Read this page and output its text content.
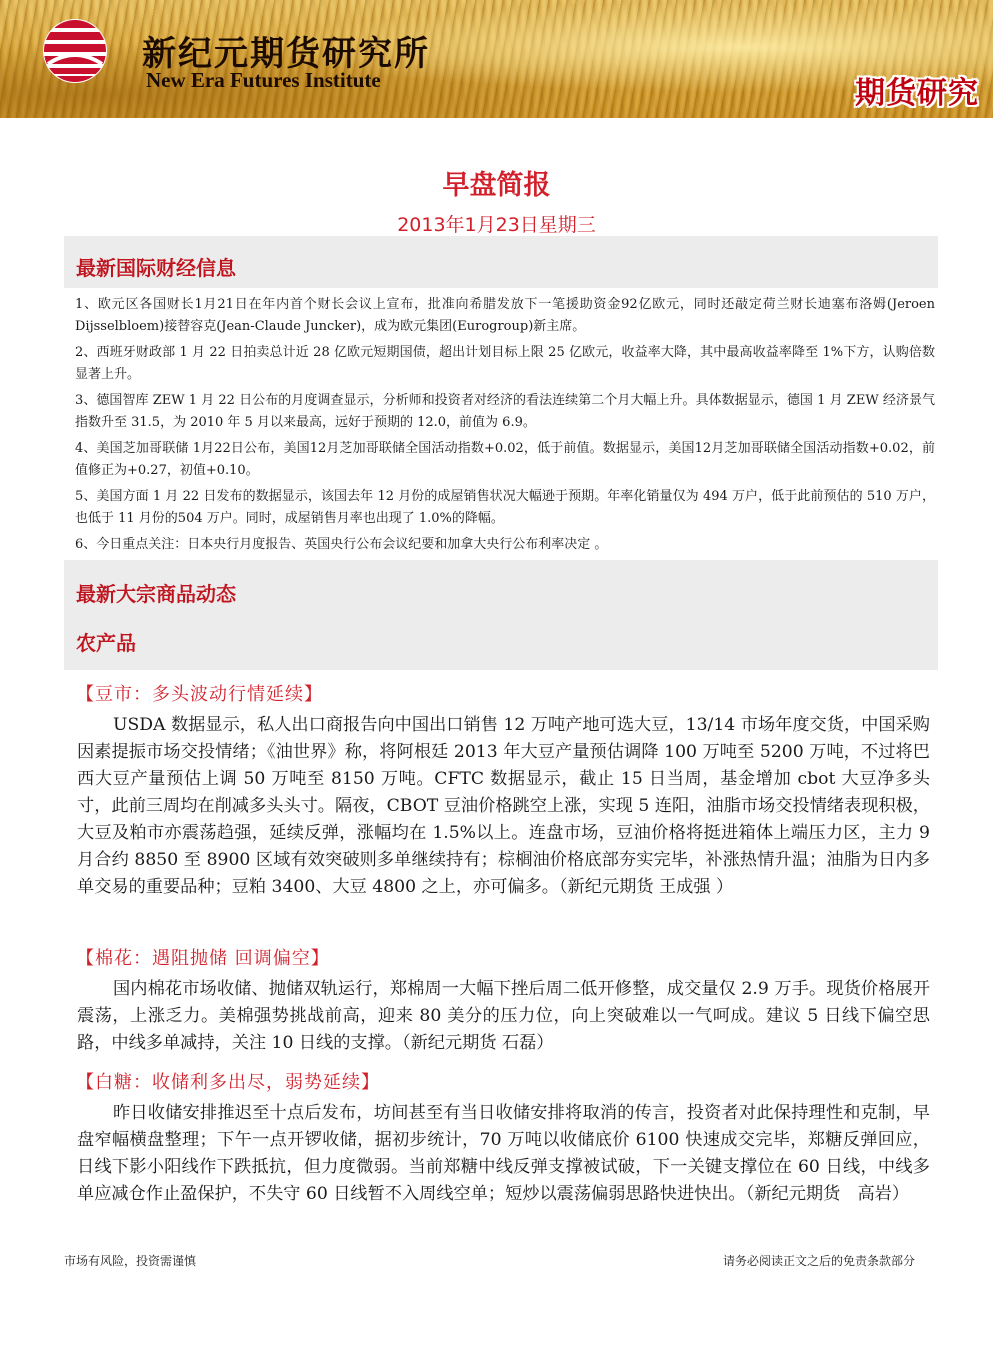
新纪元期货研究所
New Era Futures Institute	期货研究
早盘简报
2013年1月23日星期三
最新国际财经信息

1、欧元区各国财长1月21日在年内首个财长会议上宣布，批准向希腊发放下一笔援助资金92亿欧元，同时还敲定荷兰财长迪塞布洛姆(Jeroen Dijsselbloem)接替容克(Jean-Claude Juncker)，成为欧元集团(Eurogroup)新主席。

2、西班牙财政部 1 月 22 日拍卖总计近 28 亿欧元短期国债，超出计划目标上限 25 亿欧元，收益率大降，其中最高收益率降至 1%下方，认购倍数显著上升。

3、德国智库 ZEW 1 月 22 日公布的月度调查显示，分析师和投资者对经济的看法连续第二个月大幅上升。具体数据显示，德国 1 月 ZEW 经济景气指数升至 31.5，为 2010 年 5 月以来最高，远好于预期的 12.0，前值为 6.9。

4、美国芝加哥联储 1月22日公布，美国12月芝加哥联储全国活动指数+0.02，低于前值。数据显示，美国12月芝加哥联储全国活动指数+0.02，前值修正为+0.27，初值+0.10。

5、美国方面 1 月 22 日发布的数据显示，该国去年 12 月份的成屋销售状况大幅逊于预期。年率化销量仅为 494 万户，低于此前预估的 510 万户，也低于 11 月份的504 万户。同时，成屋销售月率也出现了 1.0%的降幅。

6、今日重点关注：日本央行月度报告、英国央行公布会议纪要和加拿大央行公布利率决定 。

最新大宗商品动态
农产品
【豆市：多头波动行情延续】
USDA 数据显示，私人出口商报告向中国出口销售 12 万吨产地可选大豆，13/14 市场年度交货，中国采购因素提振市场交投情绪；《油世界》称，将阿根廷 2013 年大豆产量预估调降 100 万吨至 5200 万吨，不过将巴西大豆产量预估上调 50 万吨至 8150 万吨。CFTC 数据显示，截止 15 日当周，基金增加 cbot 大豆净多头寸，此前三周均在削减多头头寸。隔夜，CBOT 豆油价格跳空上涨，实现 5 连阳，油脂市场交投情绪表现积极，大豆及粕市亦震荡趋强，延续反弹，涨幅均在 1.5%以上。连盘市场，豆油价格将挺进箱体上端压力区，主力 9 月合约 8850 至 8900 区域有效突破则多单继续持有；棕榈油价格底部夯实完毕，补涨热情升温；油脂为日内多单交易的重要品种；豆粕 3400、大豆 4800 之上，亦可偏多。（新纪元期货 王成强 ）
【棉花：遇阻抛储 回调偏空】
国内棉花市场收储、抛储双轨运行，郑棉周一大幅下挫后周二低开修整，成交量仅 2.9 万手。现货价格展开震荡，上涨乏力。美棉强势挑战前高，迎来 80 美分的压力位，向上突破难以一气呵成。建议 5 日线下偏空思路，中线多单减持，关注 10 日线的支撑。（新纪元期货 石磊）
【白糖：收储利多出尽，弱势延续】
昨日收储安排推迟至十点后发布，坊间甚至有当日收储安排将取消的传言，投资者对此保持理性和克制，早盘窄幅横盘整理；下午一点开锣收储，据初步统计，70 万吨以收储底价 6100 快速成交完毕，郑糖反弹回应，日线下影小阳线作下跌抵抗，但力度微弱。当前郑糖中线反弹支撑被试破，下一关键支撑位在 60 日线，中线多单应减仓作止盈保护，不失守 60 日线暂不入周线空单；短炒以震荡偏弱思路快进快出。（新纪元期货　高岩）
市场有风险，投资需谨慎	请务必阅读正文之后的免责条款部分
